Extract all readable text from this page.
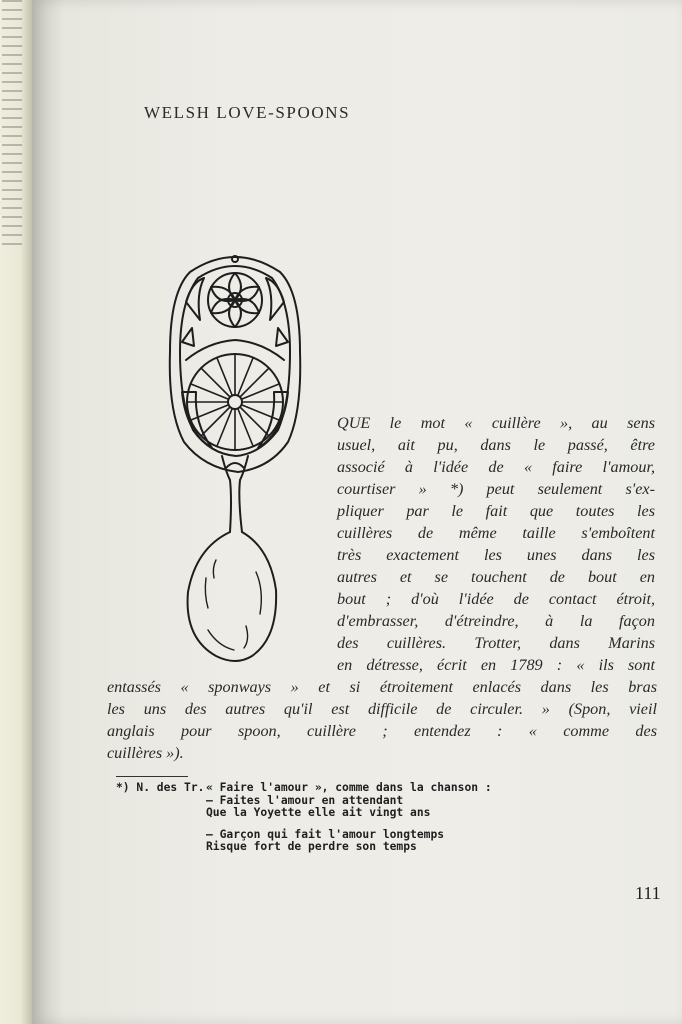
WELSH LOVE-SPOONS
QUE le mot « cuillère », au sens
usuel, ait pu, dans le passé, être
associé à l'idée de « faire l'amour,
courtiser » *) peut seulement s'ex-
pliquer par le fait que toutes les
cuillères de même taille s'emboîtent
très exactement les unes dans les
autres et se touchent de bout en
bout ; d'où l'idée de contact étroit,
d'embrasser, d'étreindre, à la façon
des cuillères. Trotter, dans Marins
en détresse, écrit en 1789 : « ils sont
entassés « sponways » et si étroitement enlacés dans les bras
les uns des autres qu'il est difficile de circuler. » (Spon, vieil
anglais pour spoon, cuillère ; entendez : « comme des
cuillères »).
*) N. des Tr. « Faire l'amour », comme dans la chanson :
— Faites l'amour en attendant
Que la Yoyette elle ait vingt ans
— Garçon qui fait l'amour longtemps
Risque fort de perdre son temps
111
